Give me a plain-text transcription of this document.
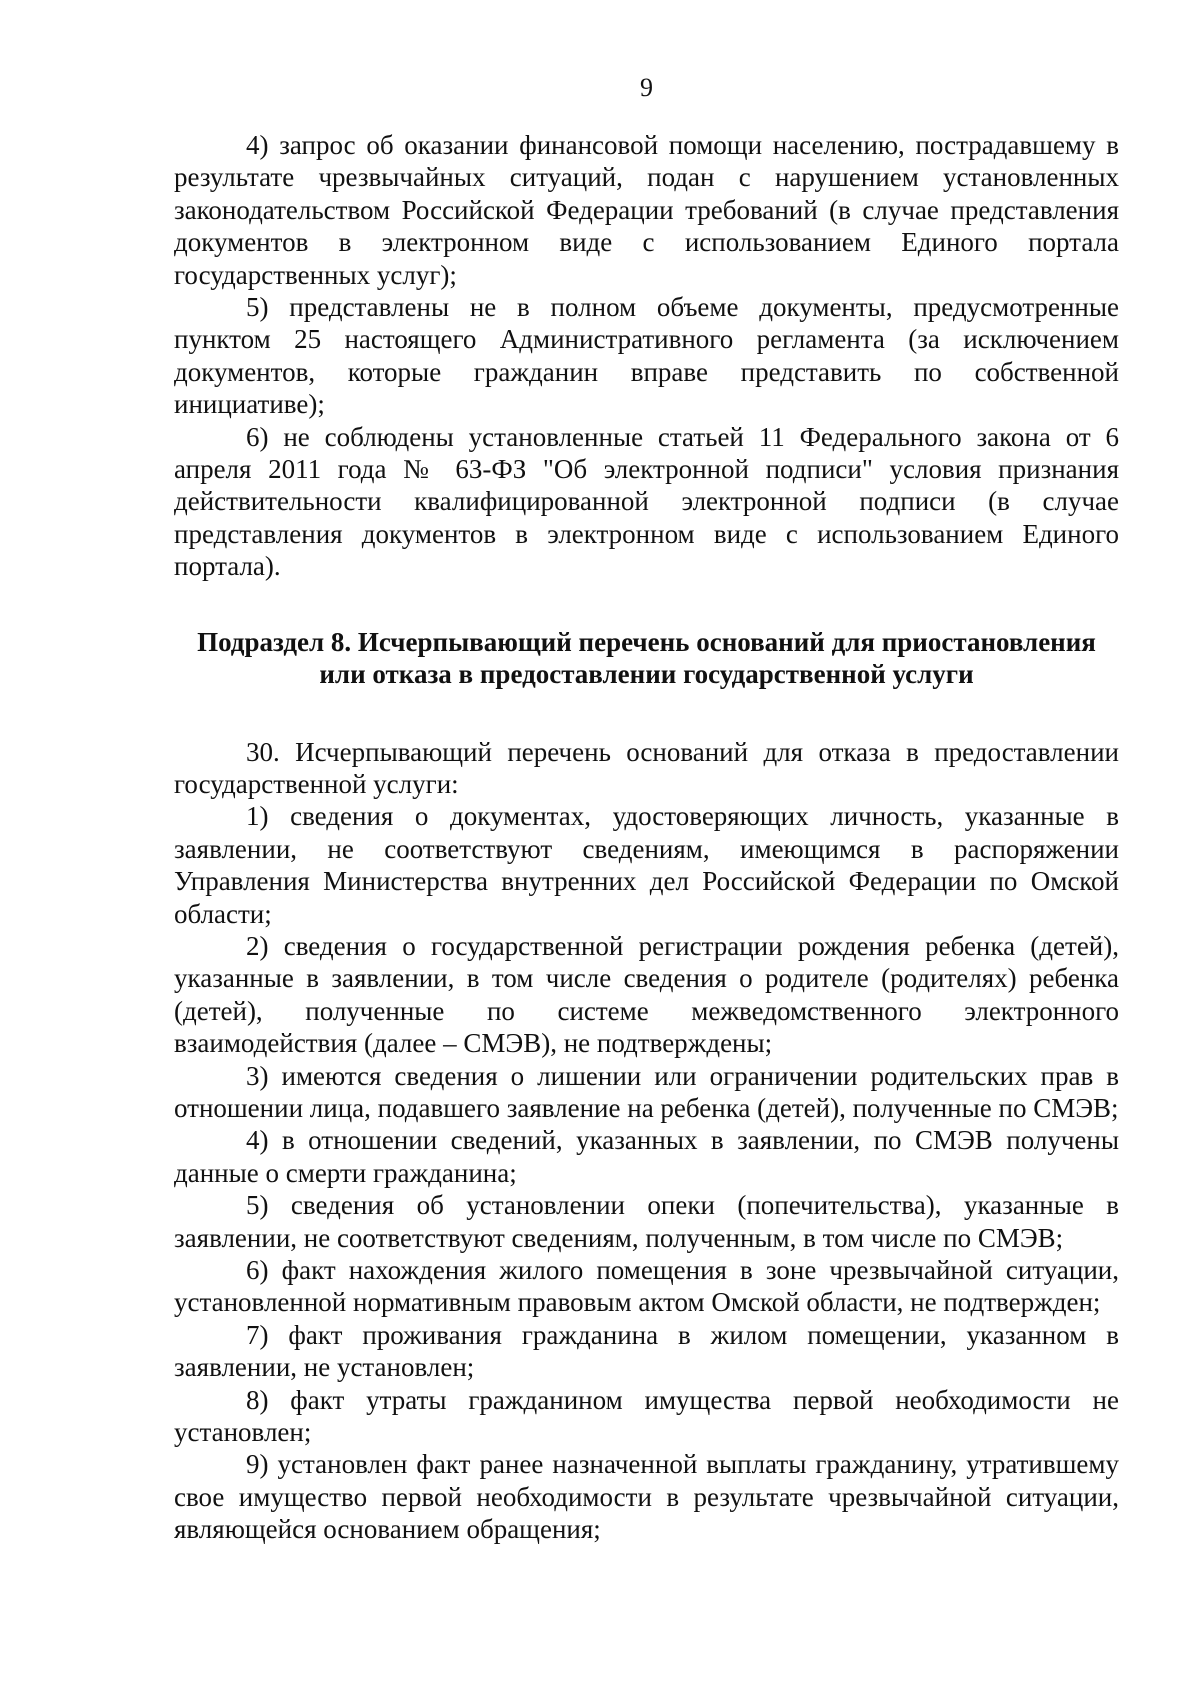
9

4) запрос об оказании финансовой помощи населению, пострадавшему в результате чрезвычайных ситуаций, подан с нарушением установленных законодательством Российской Федерации требований (в случае представления документов в электронном виде с использованием Единого портала государственных услуг);

5) представлены не в полном объеме документы, предусмотренные пунктом 25 настоящего Административного регламента (за исключением документов, которые гражданин вправе представить по собственной инициативе);

6) не соблюдены установленные статьей 11 Федерального закона от 6 апреля 2011 года № 63-ФЗ "Об электронной подписи" условия признания действительности квалифицированной электронной подписи (в случае представления документов в электронном виде с использованием Единого портала).

Подраздел 8. Исчерпывающий перечень оснований для приостановления
или отказа в предоставлении государственной услуги

30. Исчерпывающий перечень оснований для отказа в предоставлении государственной услуги:

1) сведения о документах, удостоверяющих личность, указанные в заявлении, не соответствуют сведениям, имеющимся в распоряжении Управления Министерства внутренних дел Российской Федерации по Омской области;

2) сведения о государственной регистрации рождения ребенка (детей), указанные в заявлении, в том числе сведения о родителе (родителях) ребенка (детей), полученные по системе межведомственного электронного взаимодействия (далее – СМЭВ), не подтверждены;

3) имеются сведения о лишении или ограничении родительских прав в отношении лица, подавшего заявление на ребенка (детей), полученные по СМЭВ;

4) в отношении сведений, указанных в заявлении, по СМЭВ получены данные о смерти гражданина;

5) сведения об установлении опеки (попечительства), указанные в заявлении, не соответствуют сведениям, полученным, в том числе по СМЭВ;

6) факт нахождения жилого помещения в зоне чрезвычайной ситуации, установленной нормативным правовым актом Омской области, не подтвержден;

7) факт проживания гражданина в жилом помещении, указанном в заявлении, не установлен;

8) факт утраты гражданином имущества первой необходимости не установлен;

9) установлен факт ранее назначенной выплаты гражданину, утратившему свое имущество первой необходимости в результате чрезвычайной ситуации, являющейся основанием обращения;
